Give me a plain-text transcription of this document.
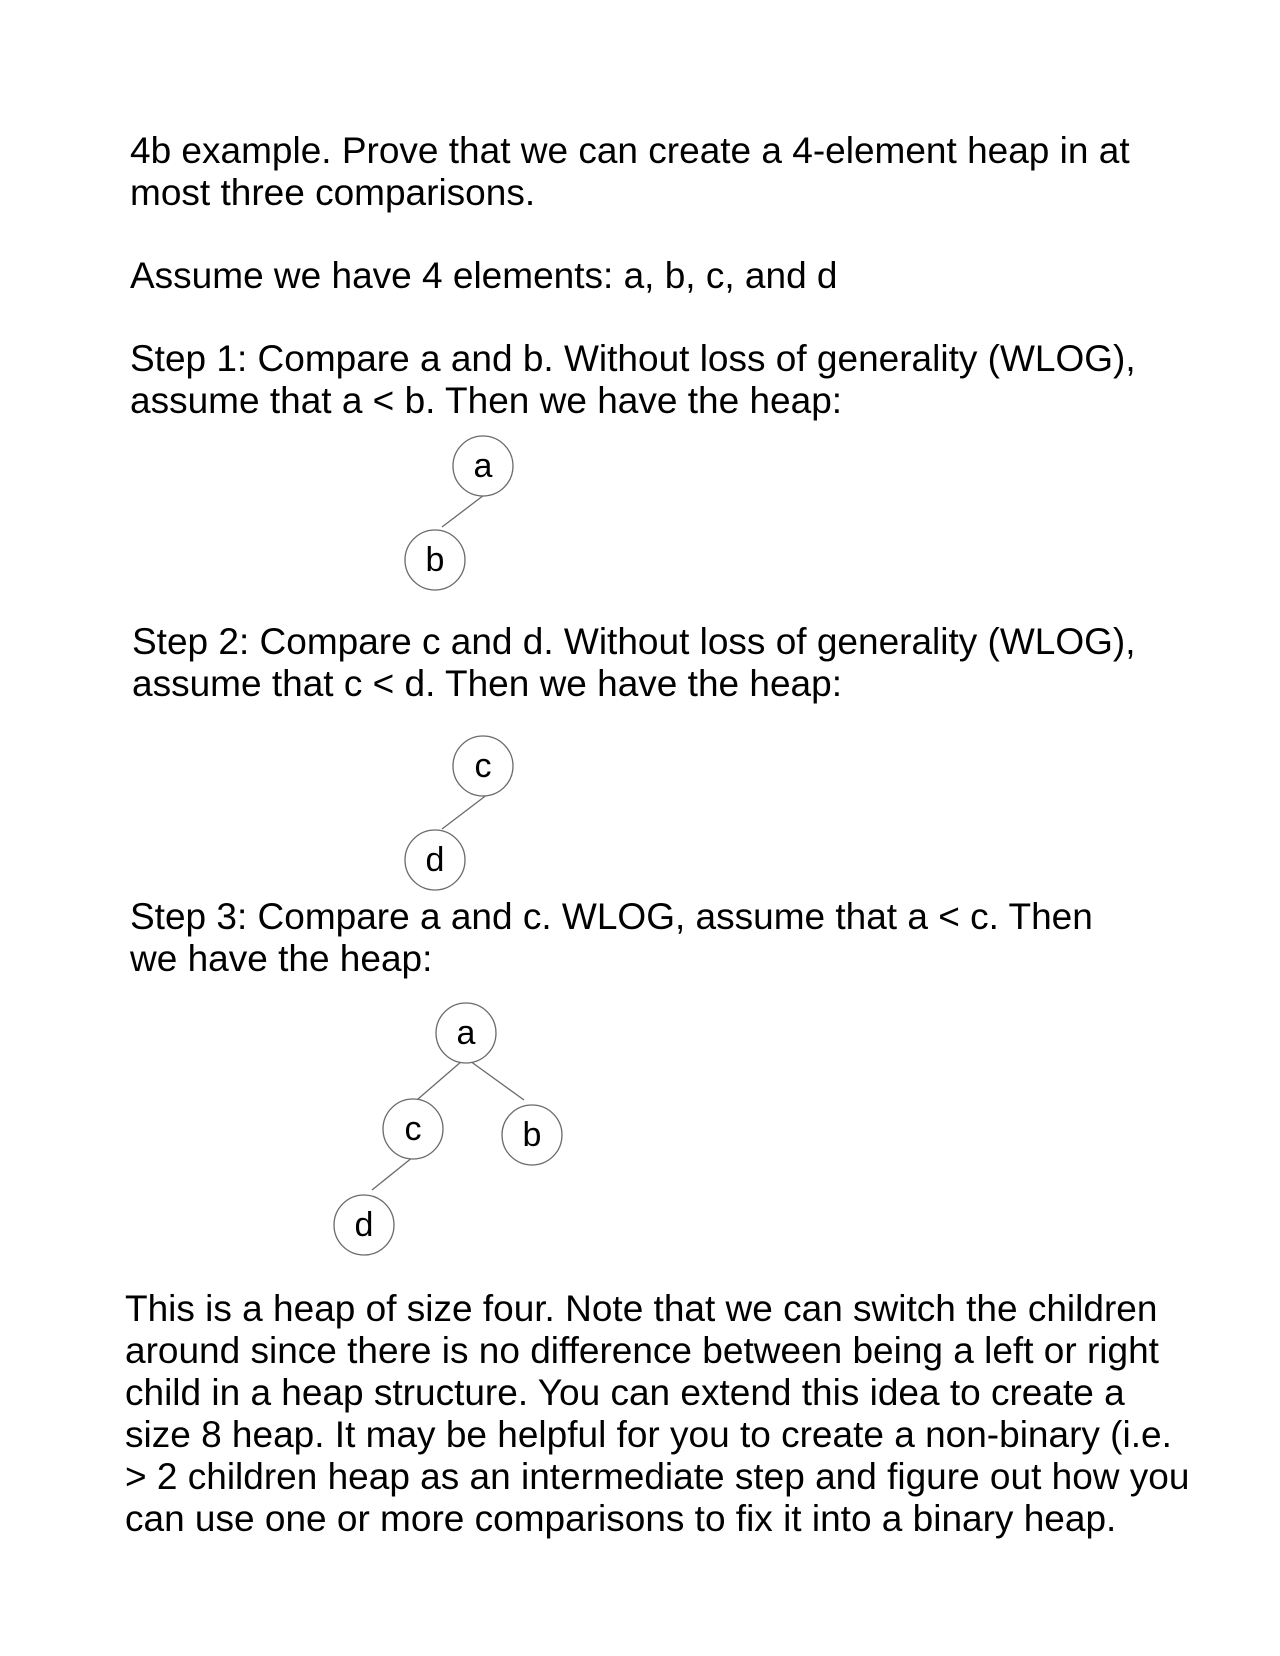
4b example. Prove that we can create a 4-element heap in at
most three comparisons.
Assume we have 4 elements: a, b, c, and d
Step 1: Compare a and b. Without loss of generality (WLOG),
assume that a < b. Then we have the heap:
a
b
Step 2: Compare c and d. Without loss of generality (WLOG),
assume that c < d. Then we have the heap:
c
d
Step 3: Compare a and c. WLOG, assume that a < c. Then
we have the heap:
a
c	b
d
This is a heap of size four. Note that we can switch the children
around since there is no difference between being a left or right
child in a heap structure. You can extend this idea to create a
size 8 heap. It may be helpful for you to create a non-binary (i.e.
> 2 children heap as an intermediate step and figure out how you
can use one or more comparisons to fix it into a binary heap.
